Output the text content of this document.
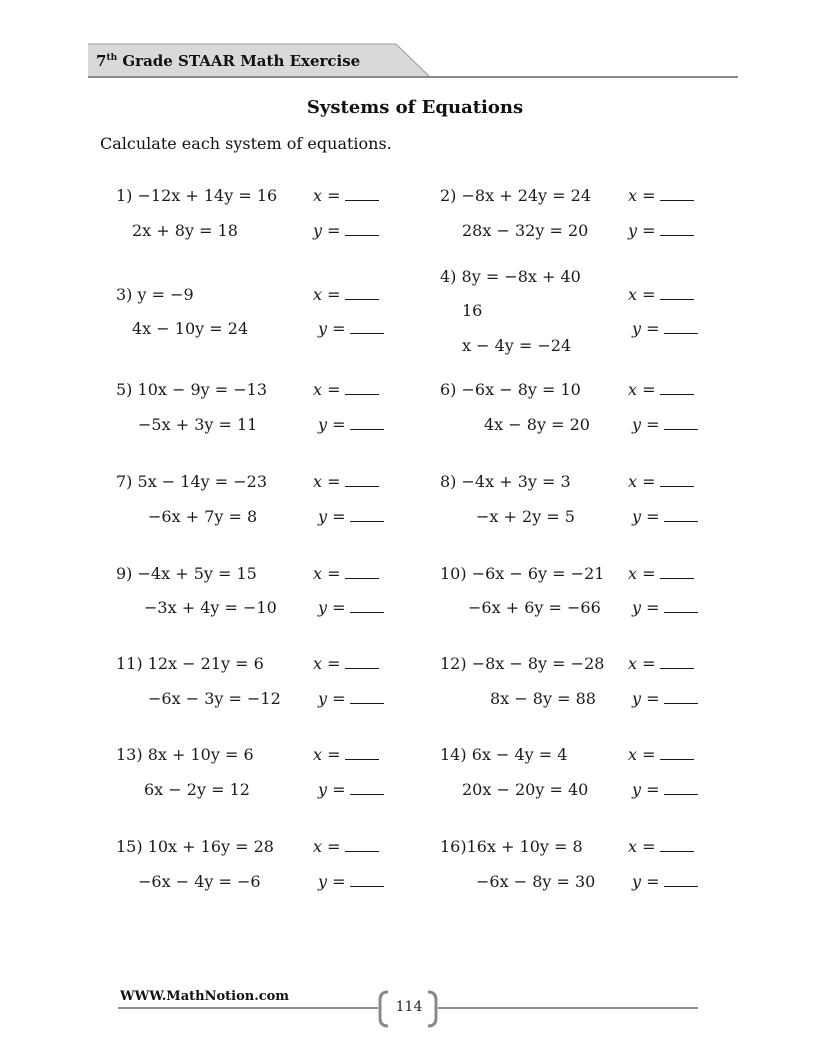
7th Grade STAAR Math Exercise
Systems of Equations
Calculate each system of equations.
1) −12x + 14y = 16
2x + 8y = 18
x =
y =
3) y = −9
4x − 10y = 24
x =
y =
5) 10x − 9y = −13
−5x + 3y = 11
x =
y =
7) 5x − 14y = −23
−6x + 7y = 8
x =
y =
9) −4x + 5y = 15
−3x + 4y = −10
x =
y =
11) 12x − 21y = 6
−6x − 3y = −12
x =
y =
13) 8x + 10y = 6
6x − 2y = 12
x =
y =
15) 10x + 16y = 28
−6x − 4y = −6
x =
y =
2) −8x + 24y = 24
28x − 32y = 20
x =
y =
4) 8y = −8x + 40
16
x − 4y = −24
x =
y =
6) −6x − 8y = 10
4x − 8y = 20
x =
y =
8) −4x + 3y = 3
−x + 2y = 5
x =
y =
10) −6x − 6y = −21
−6x + 6y = −66
x =
y =
12) −8x − 8y = −28
8x − 8y = 88
x =
y =
14) 6x − 4y = 4
20x − 20y = 40
x =
y =
16)16x + 10y = 8
−6x − 8y = 30
x =
y =
WWW.MathNotion.com
114
